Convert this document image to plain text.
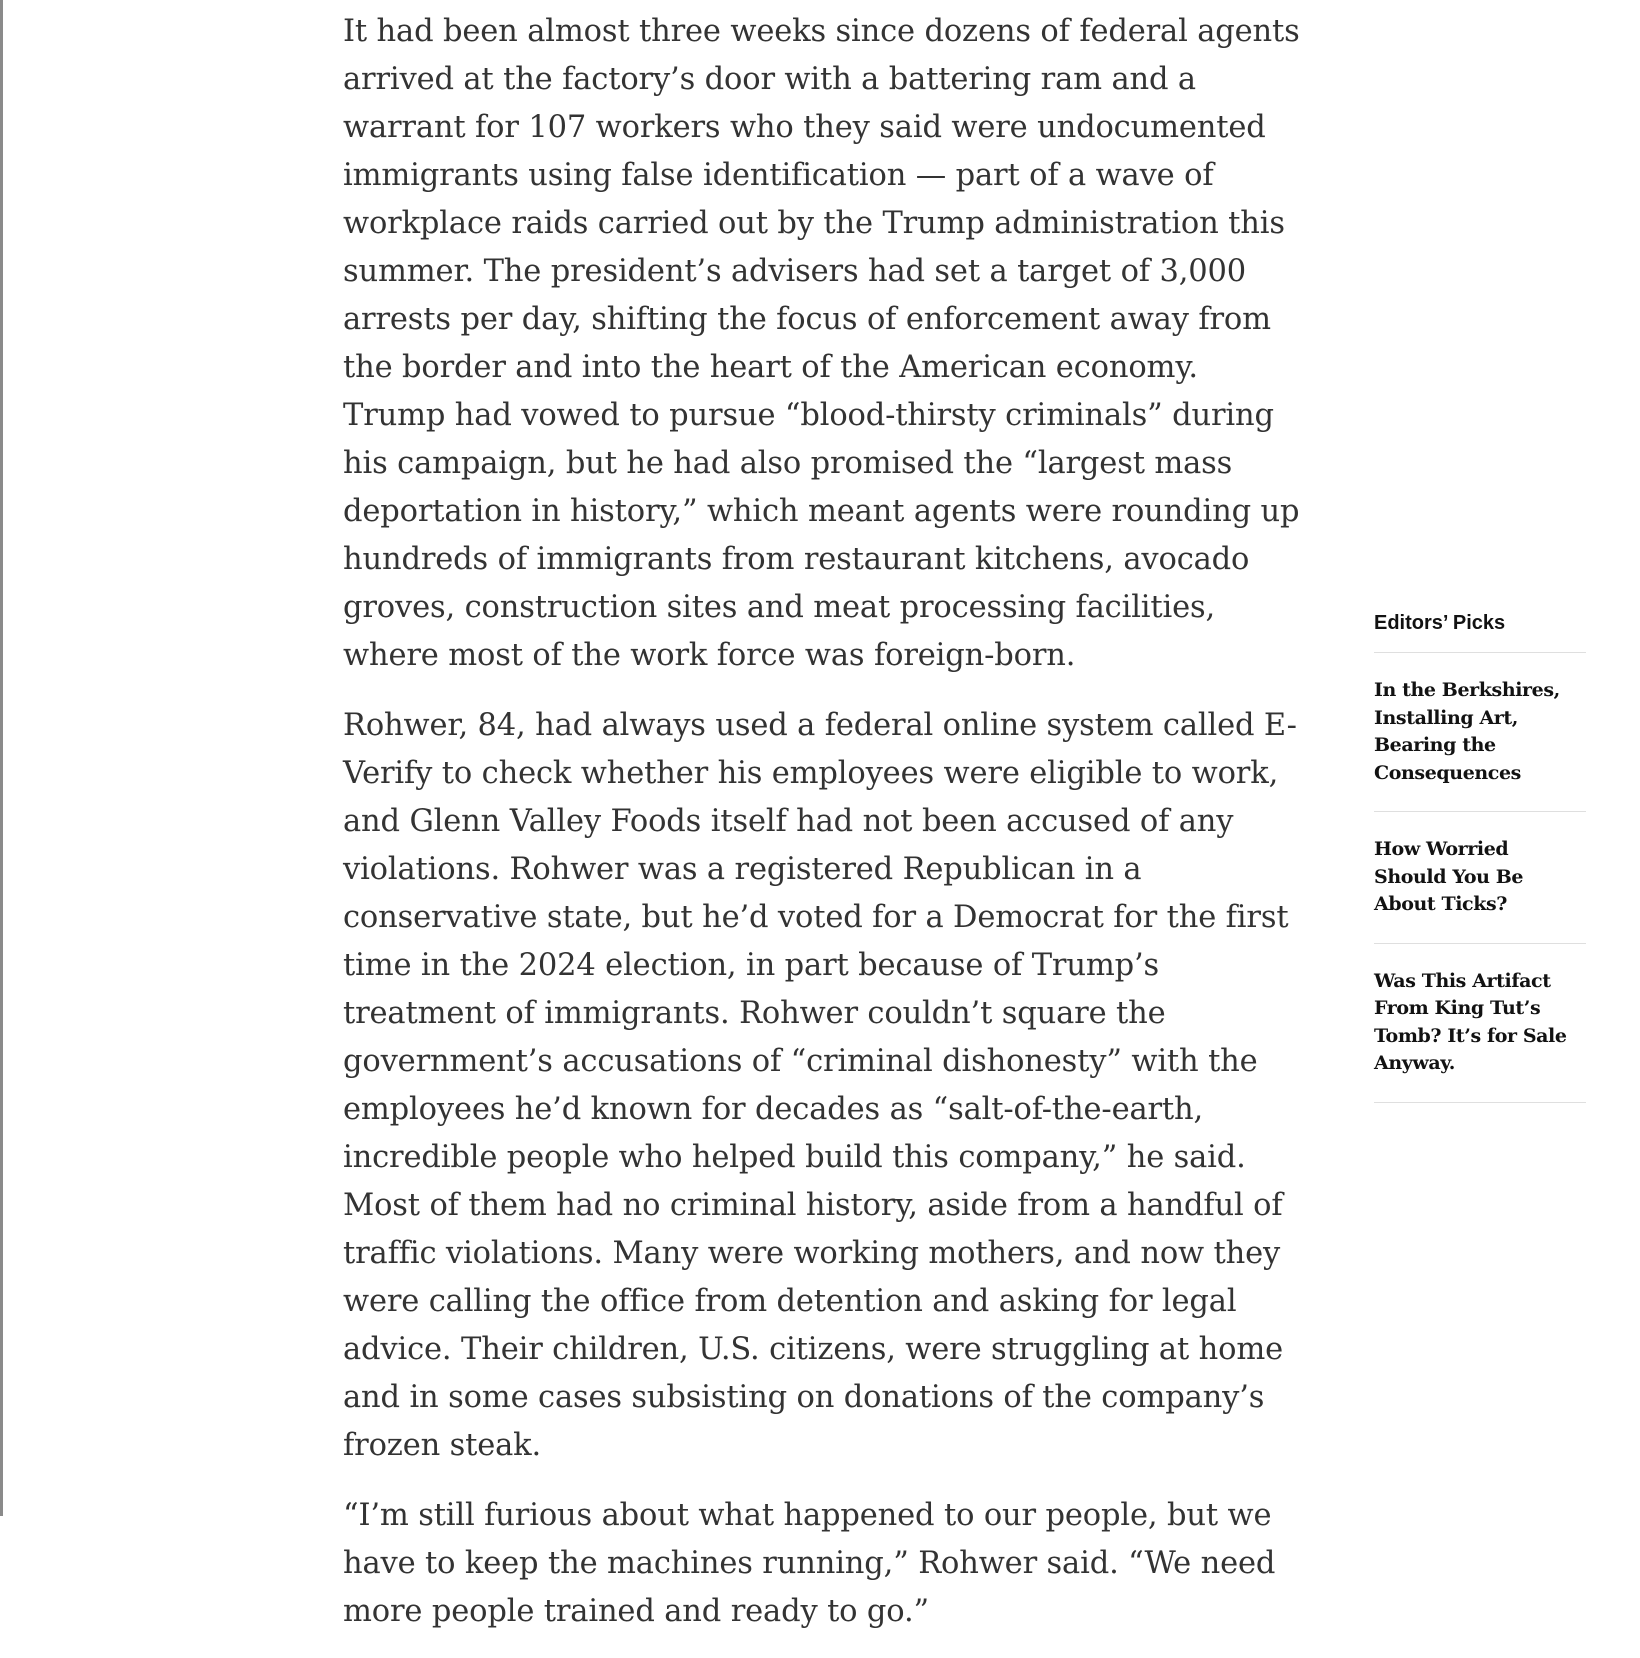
It had been almost three weeks since dozens of federal agents arrived at the factory’s door with a battering ram and a warrant for 107 workers who they said were undocumented immigrants using false identification — part of a wave of workplace raids carried out by the Trump administration this summer. The president’s advisers had set a target of 3,000 arrests per day, shifting the focus of enforcement away from the border and into the heart of the American economy. Trump had vowed to pursue “blood-thirsty criminals” during his campaign, but he had also promised the “largest mass deportation in history,” which meant agents were rounding up hundreds of immigrants from restaurant kitchens, avocado groves, construction sites and meat processing facilities, where most of the work force was foreign-born.

Rohwer, 84, had always used a federal online system called E-Verify to check whether his employees were eligible to work, and Glenn Valley Foods itself had not been accused of any violations. Rohwer was a registered Republican in a conservative state, but he’d voted for a Democrat for the first time in the 2024 election, in part because of Trump’s treatment of immigrants. Rohwer couldn’t square the government’s accusations of “criminal dishonesty” with the employees he’d known for decades as “salt-of-the-earth, incredible people who helped build this company,” he said. Most of them had no criminal history, aside from a handful of traffic violations. Many were working mothers, and now they were calling the office from detention and asking for legal advice. Their children, U.S. citizens, were struggling at home and in some cases subsisting on donations of the company’s frozen steak.

“I’m still furious about what happened to our people, but we have to keep the machines running,” Rohwer said. “We need more people trained and ready to go.”

Editors’ Picks
In the Berkshires, Installing Art, Bearing the Consequences
How Worried Should You Be About Ticks?
Was This Artifact From King Tut’s Tomb? It’s for Sale Anyway.
